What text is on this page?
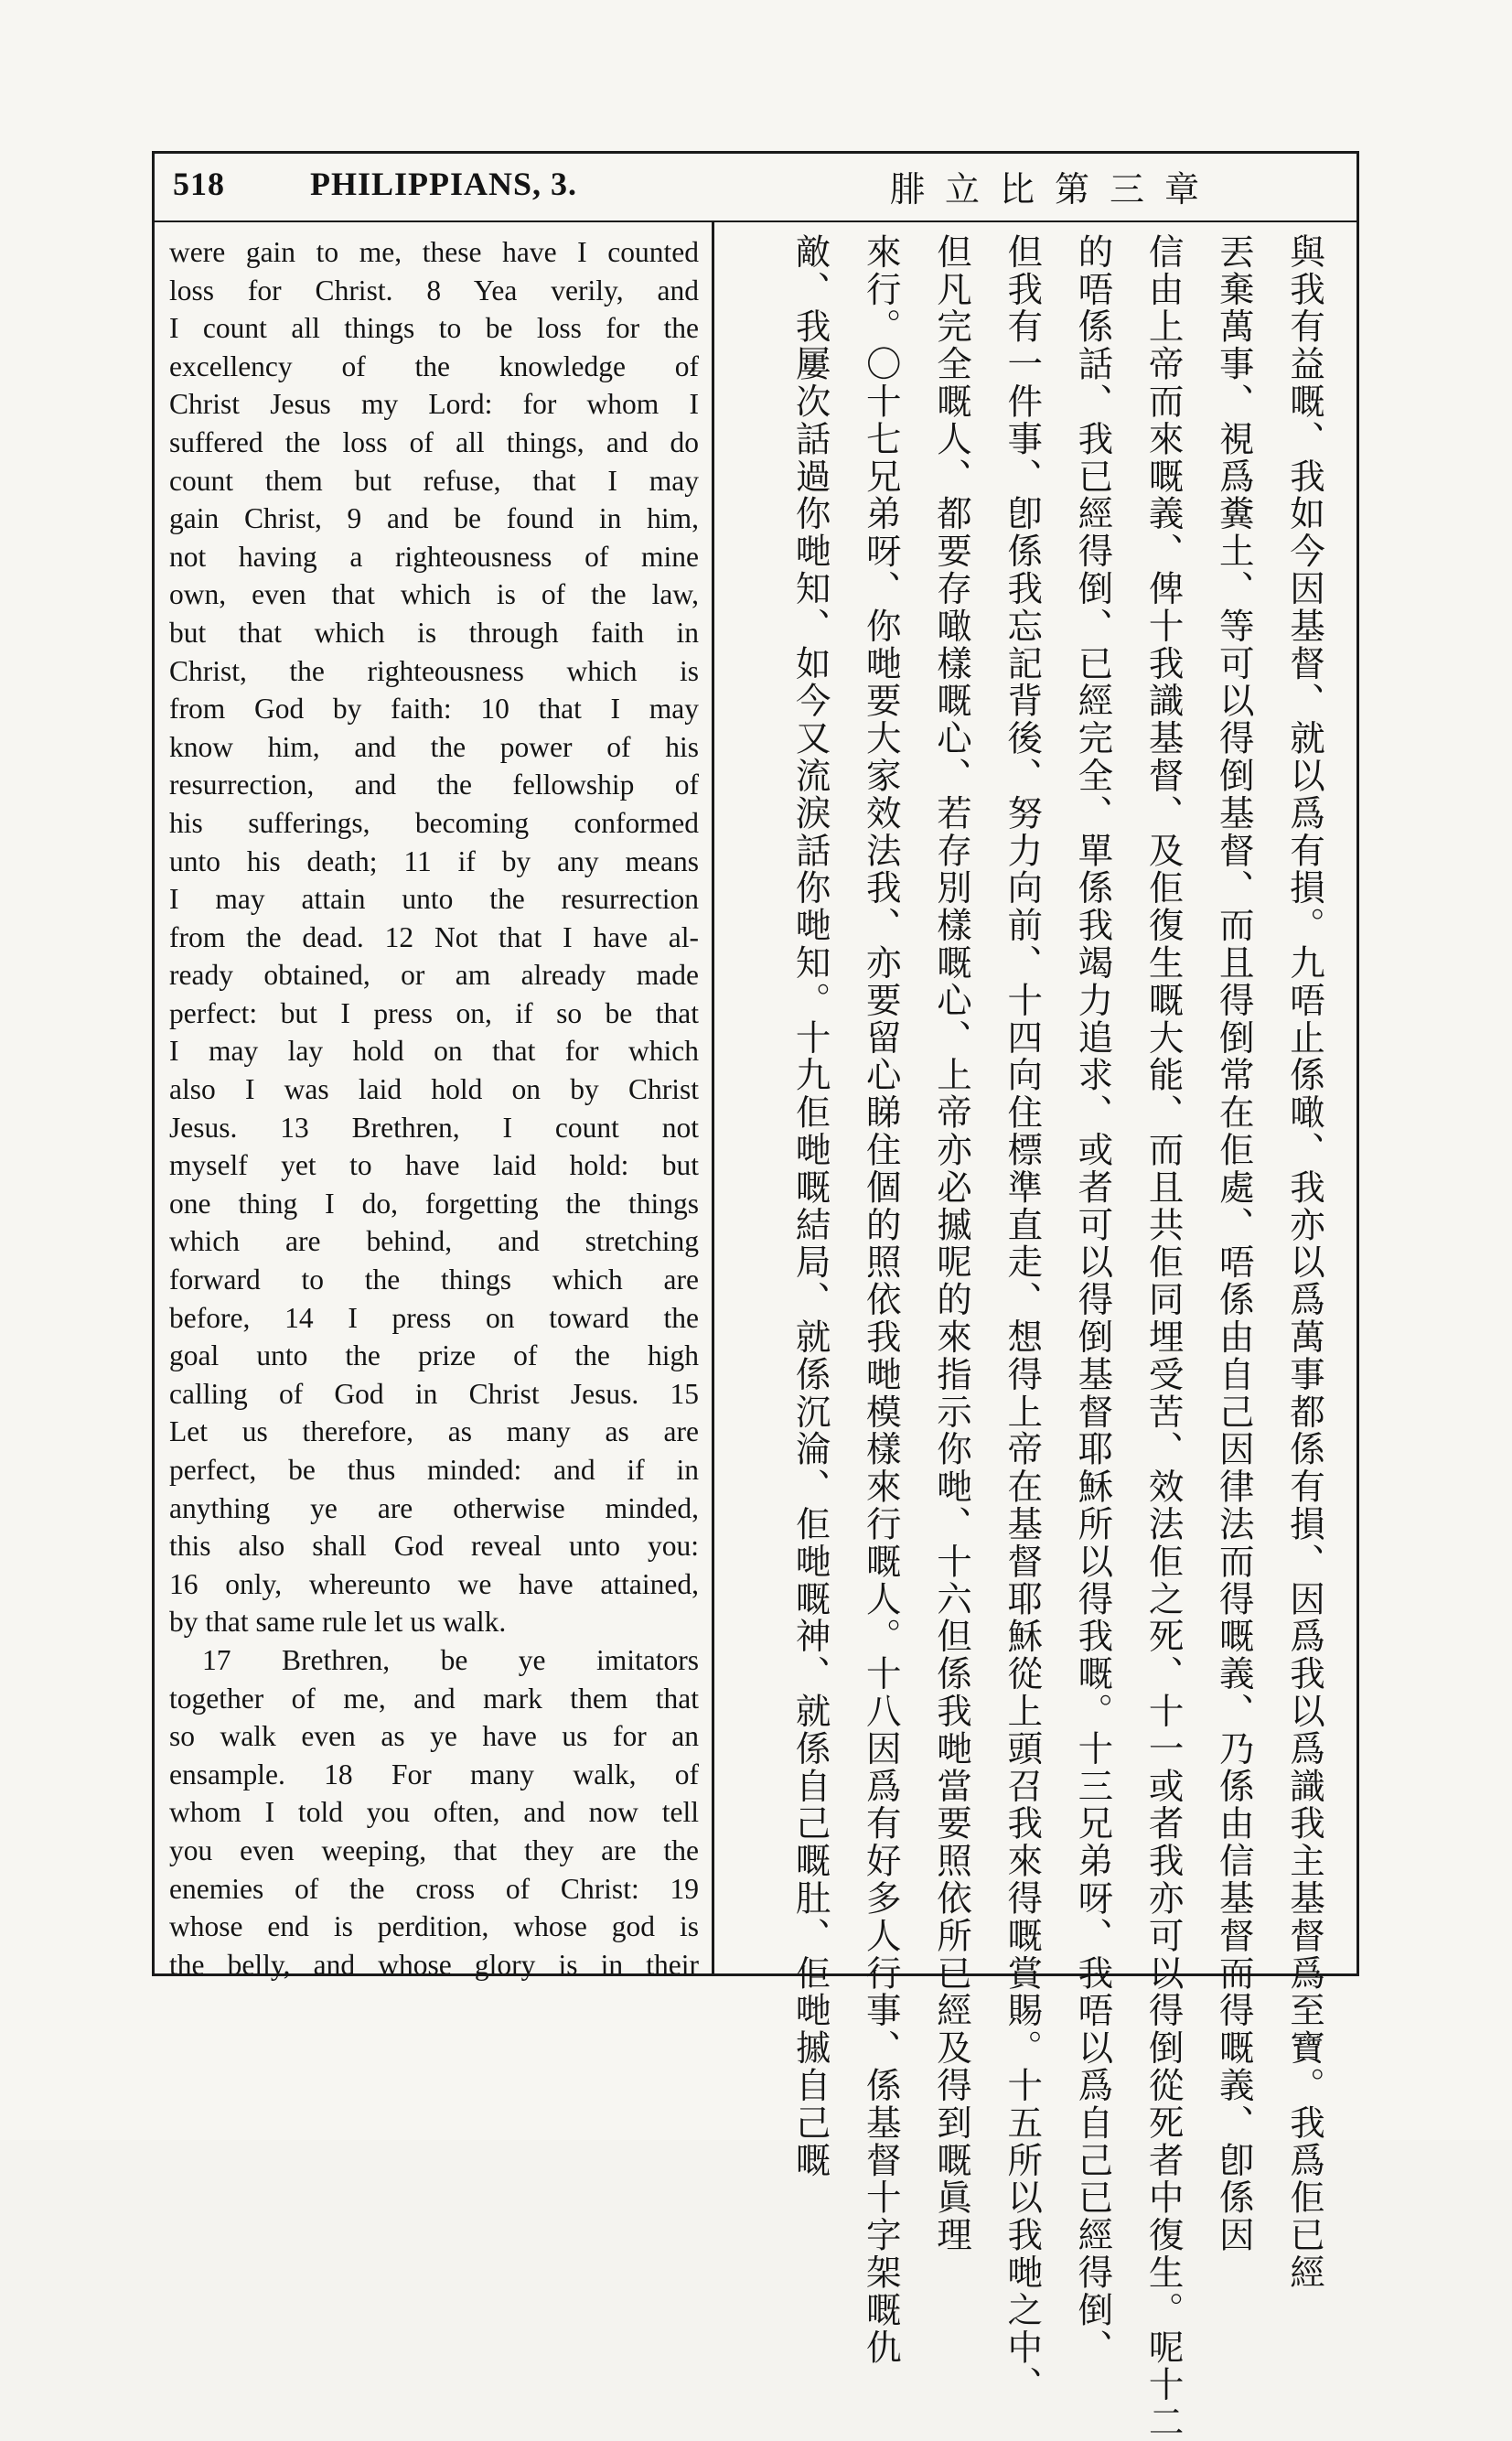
518	PHILIPPIANS, 3.	章三第比立腓
were gain to me, these have I counted
loss for Christ. 8 Yea verily, and
I count all things to be loss for the
excellency of the knowledge of
Christ Jesus my Lord: for whom I
suffered the loss of all things, and do
count them but refuse, that I may
gain Christ, 9 and be found in him,
not having a righteousness of mine
own, even that which is of the law,
but that which is through faith in
Christ, the righteousness which is
from God by faith: 10 that I may
know him, and the power of his
resurrection, and the fellowship of
his sufferings, becoming conformed
unto his death; 11 if by any means
I may attain unto the resurrection
from the dead. 12 Not that I have al-
ready obtained, or am already made
perfect: but I press on, if so be that
I may lay hold on that for which
also I was laid hold on by Christ
Jesus. 13 Brethren, I count not
myself yet to have laid hold: but
one thing I do, forgetting the things
which are behind, and stretching
forward to the things which are
before, 14 I press on toward the
goal unto the prize of the high
calling of God in Christ Jesus. 15
Let us therefore, as many as are
perfect, be thus minded: and if in
anything ye are otherwise minded,
this also shall God reveal unto you:
16 only, whereunto we have attained,
by that same rule let us walk.
17 Brethren, be ye imitators
together of me, and mark them that
so walk even as ye have us for an
ensample. 18 For many walk, of
whom I told you often, and now tell
you even weeping, that they are the
enemies of the cross of Christ: 19
whose end is perdition, whose god is
the belly, and whose glory is in their	與我有益嘅、我如今因基督、就以爲有損。九唔止係噉、我亦以爲萬事都係有損、因爲我以爲識我主基督爲至寶。我爲佢已經
丟棄萬事、視爲糞土、等可以得倒基督、而且得倒常在佢處、唔係由自己因律法而得嘅義、乃係由信基督而得嘅義、卽係因
信由上帝而來嘅義、俾十我識基督、及佢復生嘅大能、而且共佢同埋受苦、效法佢之死、十一或者我亦可以得倒從死者中復生。呢十二
的唔係話、我已經得倒、已經完全、單係我竭力追求、或者可以得倒基督耶穌所以得我嘅。十三兄弟呀、我唔以爲自己已經得倒、
但我有一件事、卽係我忘記背後、努力向前、十四向住標準直走、想得上帝在基督耶穌從上頭召我來得嘅賞賜。十五所以我哋之中、
但凡完全嘅人、都要存噉樣嘅心、若存別樣嘅心、上帝亦必摵呢的來指示你哋、十六但係我哋當要照依所已經及得到嘅眞理
來行。〇十七兄弟呀、你哋要大家效法我、亦要留心睇住個的照依我哋模樣來行嘅人。十八因爲有好多人行事、係基督十字架嘅仇
敵、我屢次話過你哋知、如今又流淚話你哋知。十九佢哋嘅結局、就係沉淪、佢哋嘅神、就係自己嘅肚、佢哋摵自己嘅
